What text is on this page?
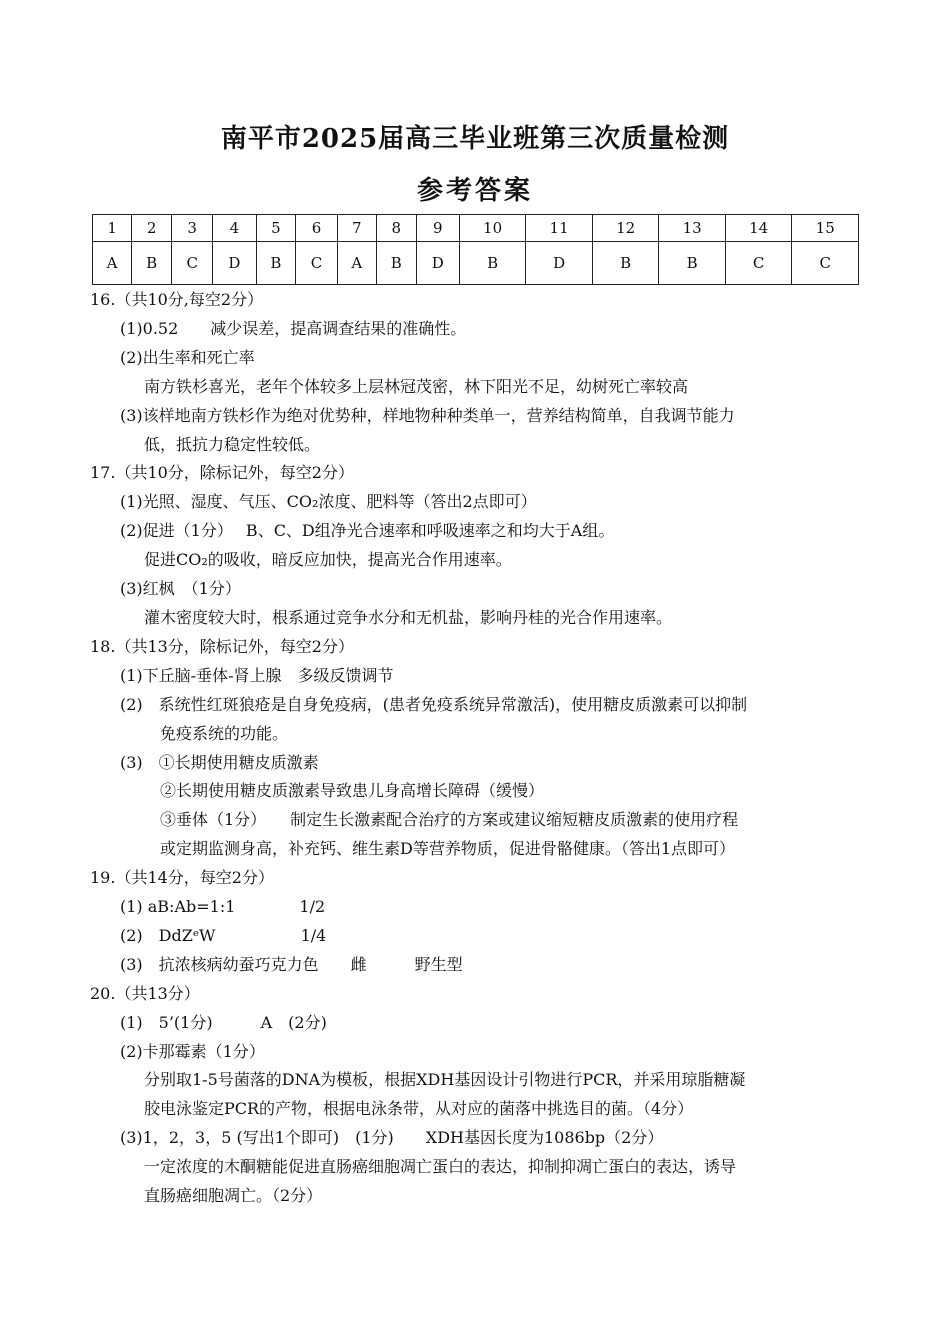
南平市2025届高三毕业班第三次质量检测
参考答案
1	2	3	4	5	6	7	8	9	10	11	12	13	14	15
A	B	C	D	B	C	A	B	D	B	D	B	B	C	C
16.（共10分,每空2分）
(1)0.52　　减少误差，提高调查结果的准确性。
(2)出生率和死亡率
南方铁杉喜光，老年个体较多上层林冠茂密，林下阳光不足，幼树死亡率较高
(3)该样地南方铁杉作为绝对优势种，样地物种种类单一，营养结构简单，自我调节能力
低，抵抗力稳定性较低。
17.（共10分，除标记外，每空2分）
(1)光照、湿度、气压、CO₂浓度、肥料等（答出2点即可）
(2)促进（1分）　 B、C、D组净光合速率和呼吸速率之和均大于A组。
促进CO₂的吸收，暗反应加快，提高光合作用速率。
(3)红枫　（1分）
灌木密度较大时，根系通过竞争水分和无机盐，影响丹桂的光合作用速率。
18.（共13分，除标记外，每空2分）
(1)下丘脑-垂体-肾上腺　多级反馈调节
(2)　系统性红斑狼疮是自身免疫病，(患者免疫系统异常激活)，使用糖皮质激素可以抑制
免疫系统的功能。
(3)　①长期使用糖皮质激素
②长期使用糖皮质激素导致患儿身高增长障碍（缓慢）
③垂体（1分）　　制定生长激素配合治疗的方案或建议缩短糖皮质激素的使用疗程
或定期监测身高，补充钙、维生素D等营养物质，促进骨骼健康。（答出1点即可）
19.（共14分，每空2分）
(1) aB:Ab=1:1　　　　1/2
(2)　DdZᵉW　　　　　 1/4
(3)　抗浓核病幼蚕巧克力色　　雌　　　野生型
20.（共13分）
(1)　5’(1分)　　　A　(2分)
(2)卡那霉素（1分）
分别取1-5号菌落的DNA为模板，根据XDH基因设计引物进行PCR，并采用琼脂糖凝
胶电泳鉴定PCR的产物，根据电泳条带，从对应的菌落中挑选目的菌。（4分）
(3)1，2，3，5 (写出1个即可)　(1分)　　XDH基因长度为1086bp（2分）
一定浓度的木酮糖能促进直肠癌细胞凋亡蛋白的表达，抑制抑凋亡蛋白的表达，诱导
直肠癌细胞凋亡。（2分）
